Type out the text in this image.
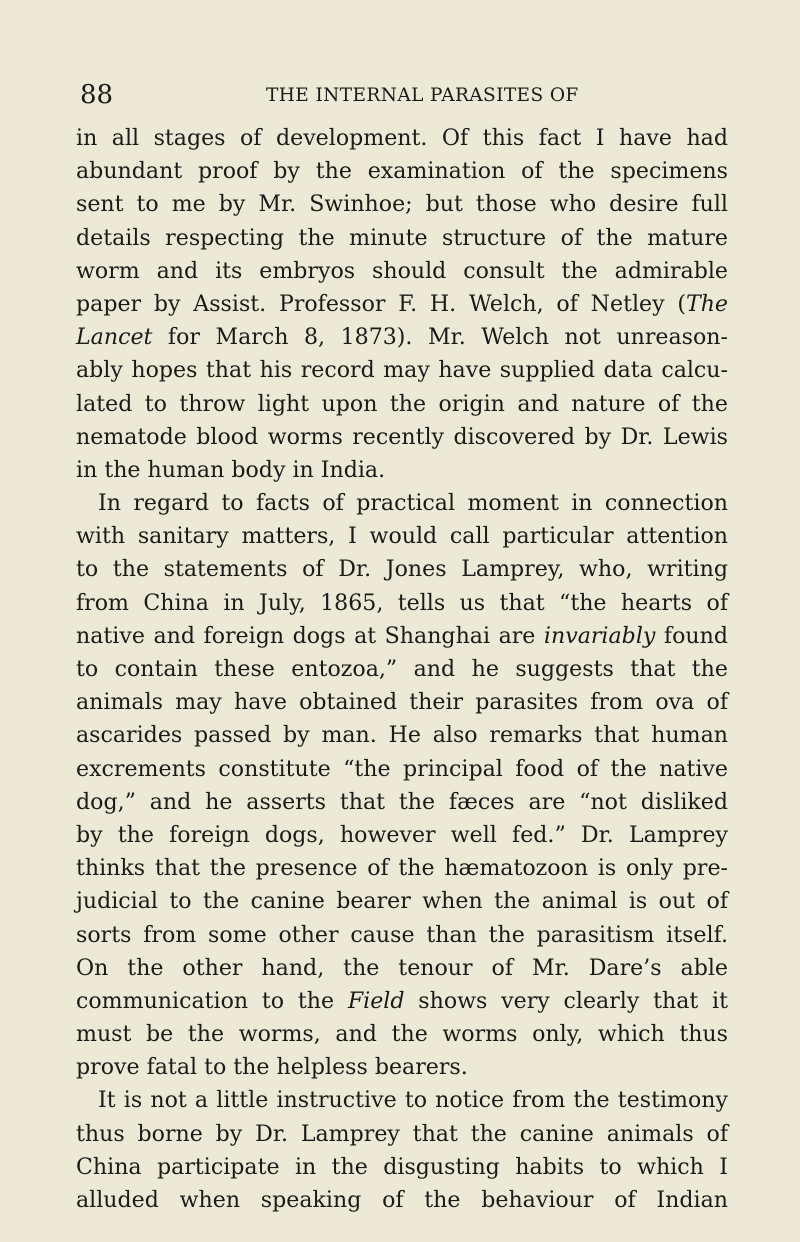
88	THE INTERNAL PARASITES OF
in all stages of development. Of this fact I have had
abundant proof by the examination of the specimens
sent to me by Mr. Swinhoe; but those who desire full
details respecting the minute structure of the mature
worm and its embryos should consult the admirable
paper by Assist. Professor F. H. Welch, of Netley (The
Lancet for March 8, 1873). Mr. Welch not unreason-
ably hopes that his record may have supplied data calcu-
lated to throw light upon the origin and nature of the
nematode blood worms recently discovered by Dr. Lewis
in the human body in India.
In regard to facts of practical moment in connection
with sanitary matters, I would call particular attention
to the statements of Dr. Jones Lamprey, who, writing
from China in July, 1865, tells us that “the hearts of
native and foreign dogs at Shanghai are invariably found
to contain these entozoa,” and he suggests that the
animals may have obtained their parasites from ova of
ascarides passed by man. He also remarks that human
excrements constitute “the principal food of the native
dog,” and he asserts that the fæces are “not disliked
by the foreign dogs, however well fed.” Dr. Lamprey
thinks that the presence of the hæmatozoon is only pre-
judicial to the canine bearer when the animal is out of
sorts from some other cause than the parasitism itself.
On the other hand, the tenour of Mr. Dare’s able
communication to the Field shows very clearly that it
must be the worms, and the worms only, which thus
prove fatal to the helpless bearers.
It is not a little instructive to notice from the testimony
thus borne by Dr. Lamprey that the canine animals of
China participate in the disgusting habits to which I
alluded when speaking of the behaviour of Indian
